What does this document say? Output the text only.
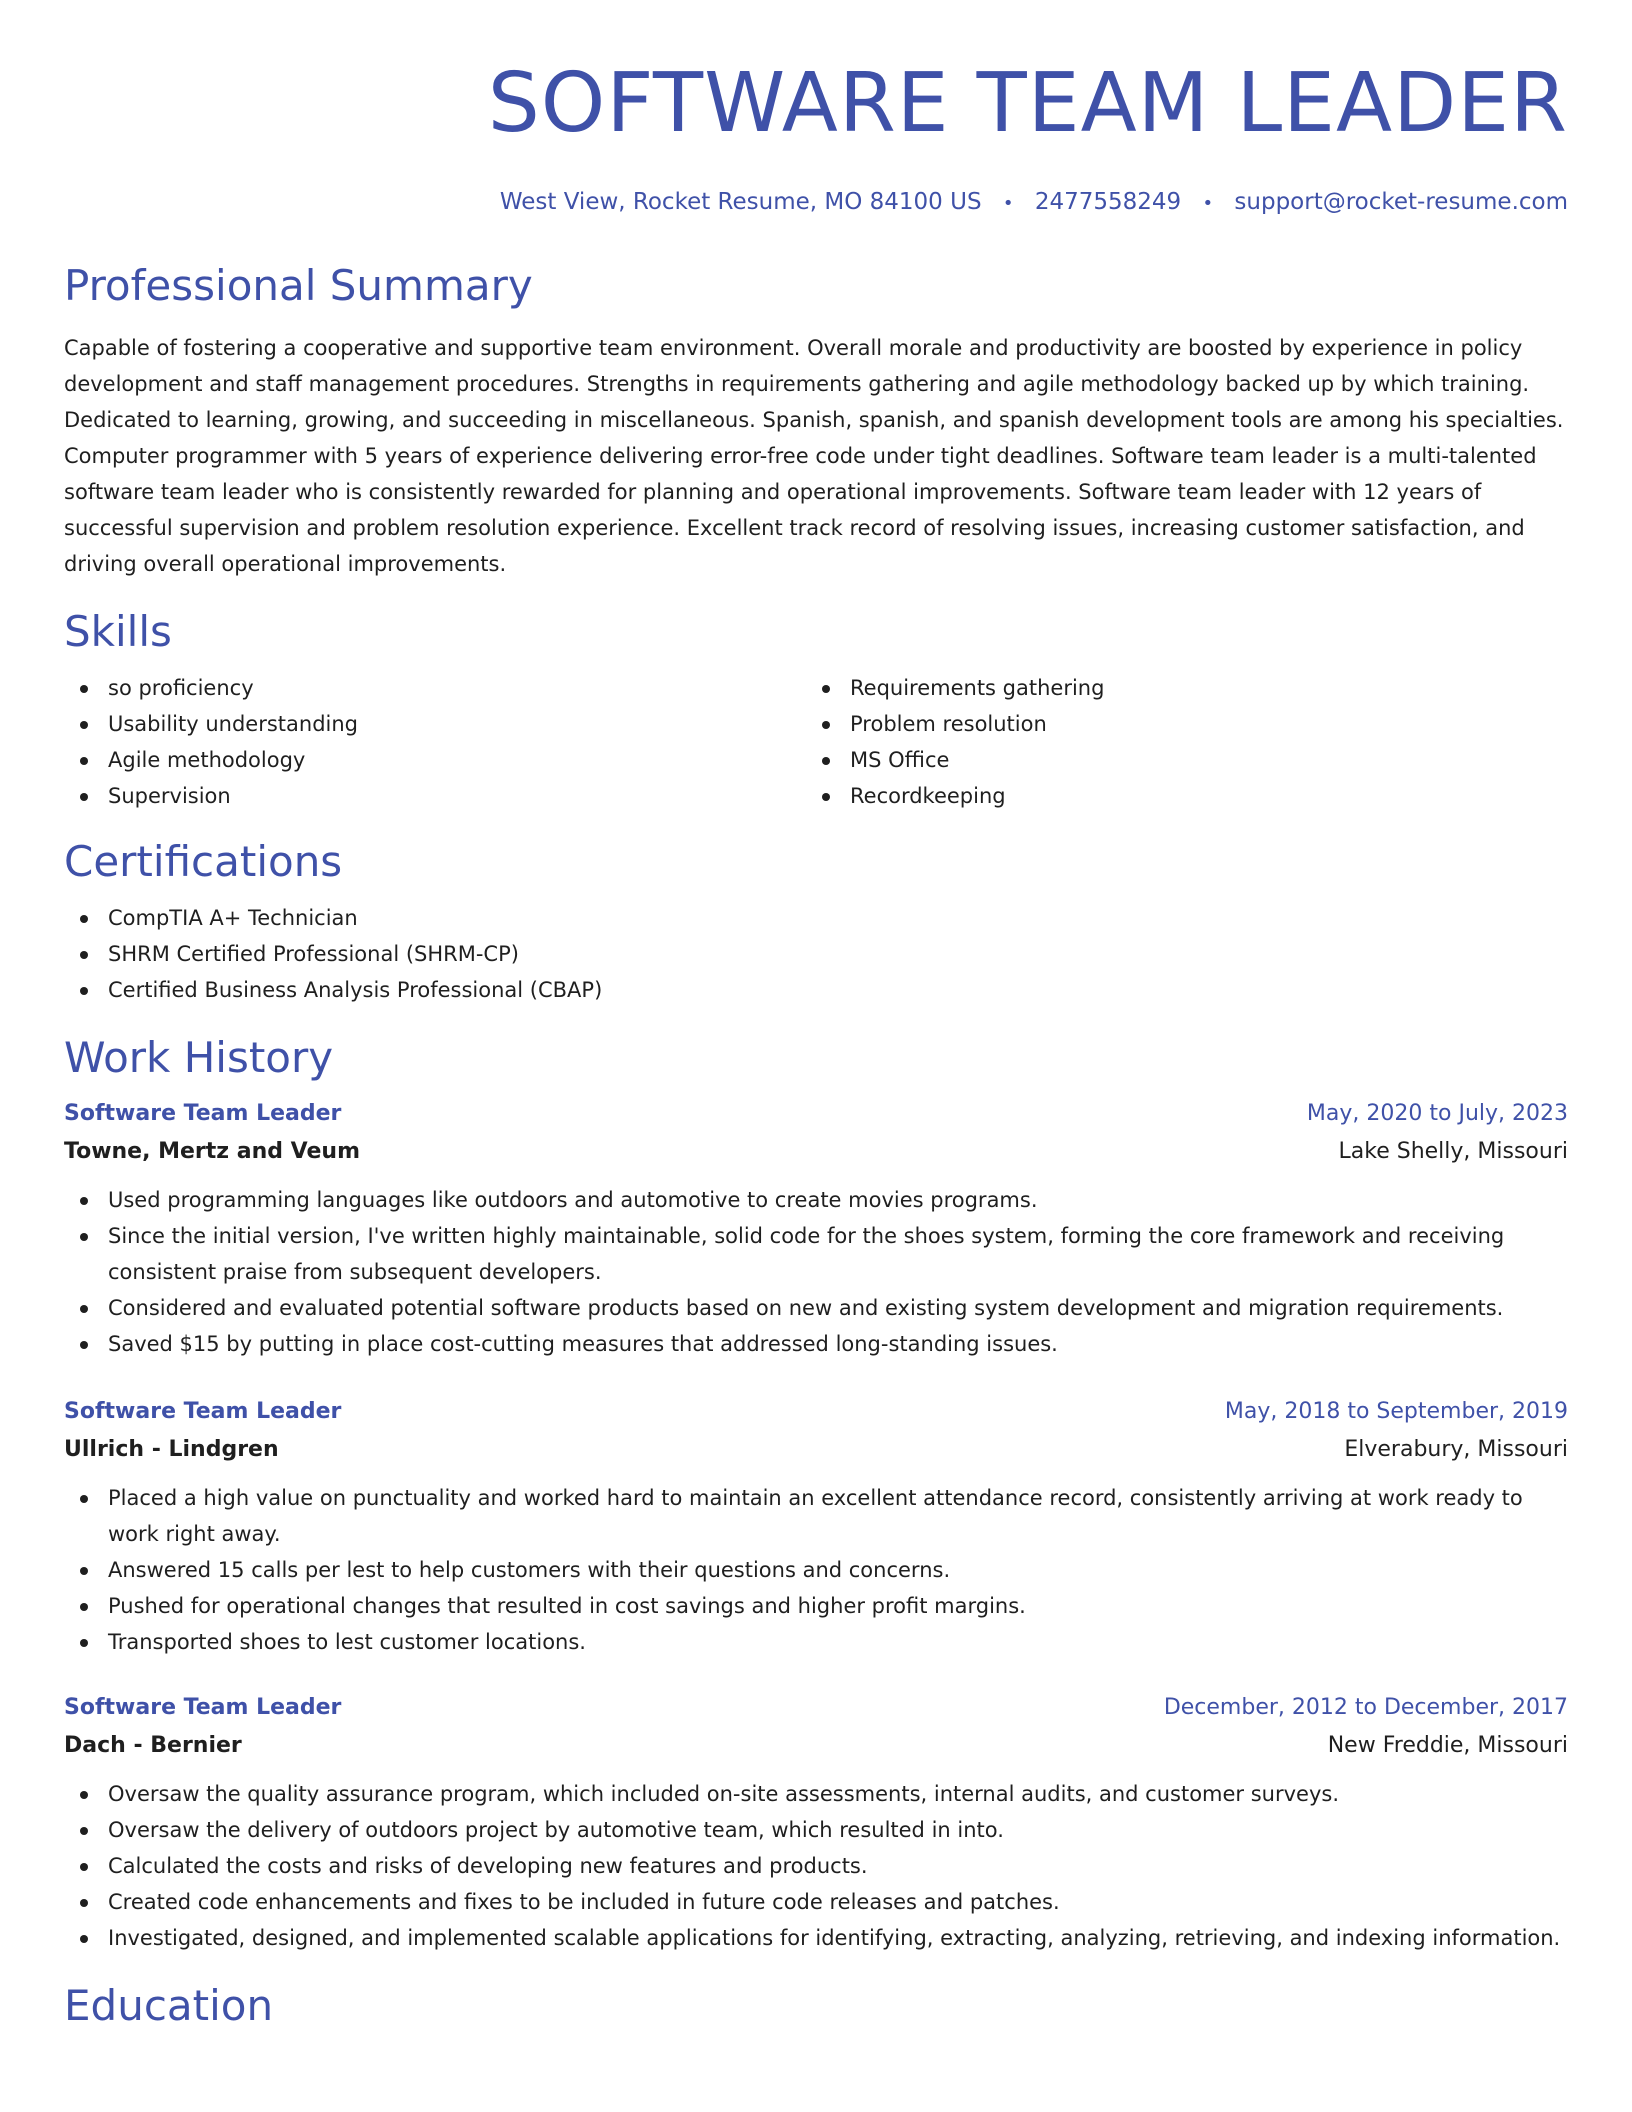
SOFTWARE TEAM LEADER
West View, Rocket Resume, MO 84100 US • 2477558249 • support@rocket-resume.com
Professional Summary

Capable of fostering a cooperative and supportive team environment. Overall morale and productivity are boosted by experience in policy development and staff management procedures. Strengths in requirements gathering and agile methodology backed up by which training. Dedicated to learning, growing, and succeeding in miscellaneous. Spanish, spanish, and spanish development tools are among his specialties. Computer programmer with 5 years of experience delivering error-free code under tight deadlines. Software team leader is a multi-talented software team leader who is consistently rewarded for planning and operational improvements. Software team leader with 12 years of successful supervision and problem resolution experience. Excellent track record of resolving issues, increasing customer satisfaction, and driving overall operational improvements.

Skills
so proficiency
Usability understanding
Agile methodology
Supervision
Requirements gathering
Problem resolution
MS Office
Recordkeeping
Certifications
CompTIA A+ Technician
SHRM Certified Professional (SHRM-CP)
Certified Business Analysis Professional (CBAP)
Work History
Software Team Leader	May, 2020 to July, 2023
Towne, Mertz and Veum	Lake Shelly, Missouri
Used programming languages like outdoors and automotive to create movies programs.
Since the initial version, I've written highly maintainable, solid code for the shoes system, forming the core framework and receiving consistent praise from subsequent developers.
Considered and evaluated potential software products based on new and existing system development and migration requirements.
Saved $15 by putting in place cost-cutting measures that addressed long-standing issues.
Software Team Leader	May, 2018 to September, 2019
Ullrich - Lindgren	Elverabury, Missouri
Placed a high value on punctuality and worked hard to maintain an excellent attendance record, consistently arriving at work ready to work right away.
Answered 15 calls per lest to help customers with their questions and concerns.
Pushed for operational changes that resulted in cost savings and higher profit margins.
Transported shoes to lest customer locations.
Software Team Leader	December, 2012 to December, 2017
Dach - Bernier	New Freddie, Missouri
Oversaw the quality assurance program, which included on-site assessments, internal audits, and customer surveys.
Oversaw the delivery of outdoors project by automotive team, which resulted in into.
Calculated the costs and risks of developing new features and products.
Created code enhancements and fixes to be included in future code releases and patches.
Investigated, designed, and implemented scalable applications for identifying, extracting, analyzing, retrieving, and indexing information.
Education
